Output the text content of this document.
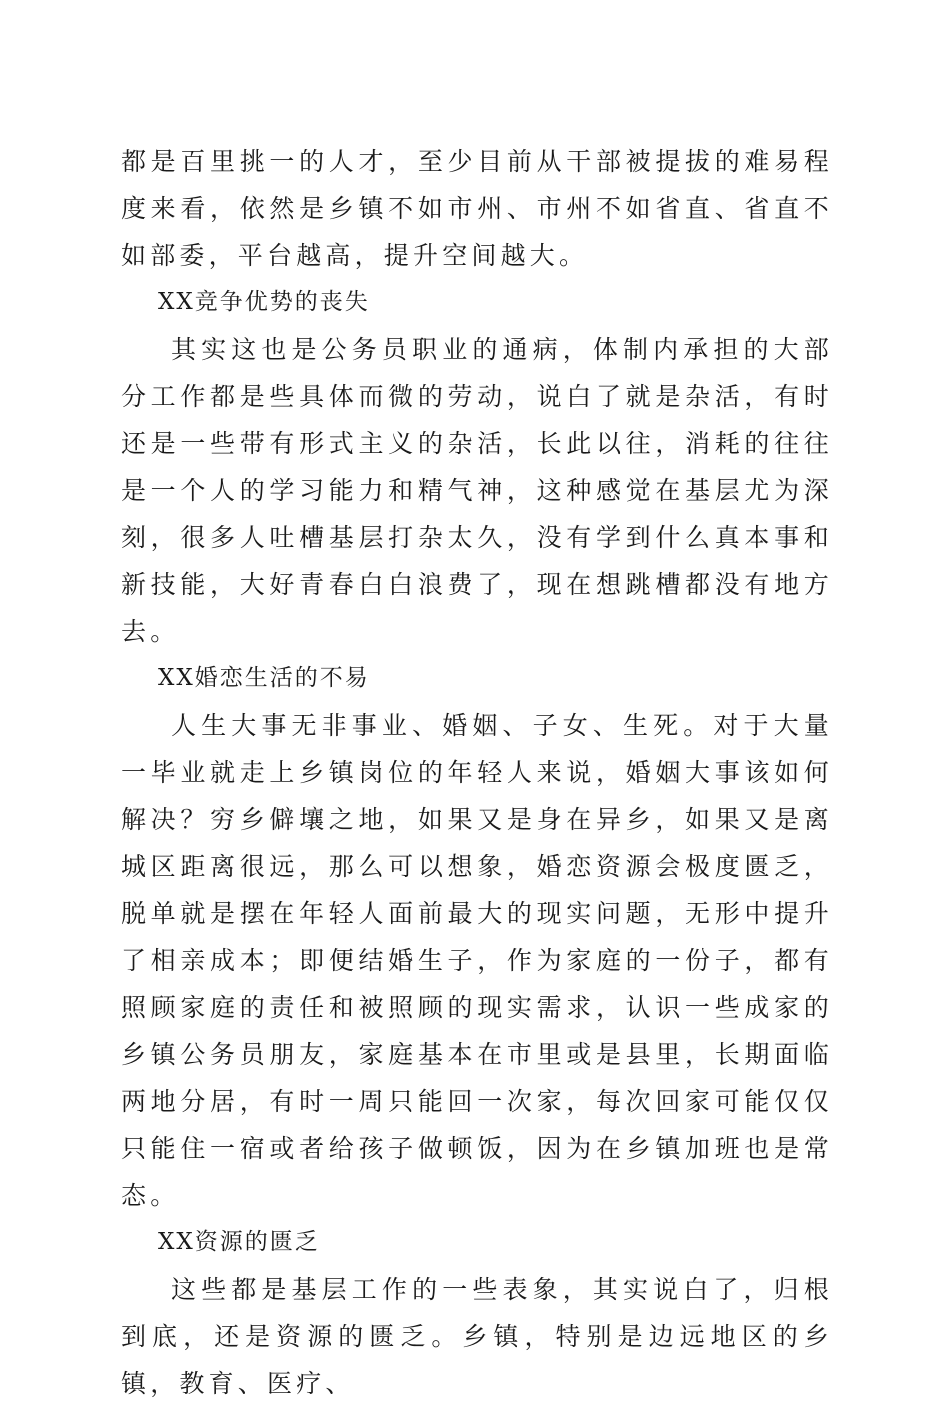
都是百里挑一的人才，至少目前从干部被提拔的难易程度来看，依然是乡镇不如市州、市州不如省直、省直不如部委，平台越高，提升空间越大。

XX竞争优势的丧失

其实这也是公务员职业的通病，体制内承担的大部分工作都是些具体而微的劳动，说白了就是杂活，有时还是一些带有形式主义的杂活，长此以往，消耗的往往是一个人的学习能力和精气神，这种感觉在基层尤为深刻，很多人吐槽基层打杂太久，没有学到什么真本事和新技能，大好青春白白浪费了，现在想跳槽都没有地方去。

XX婚恋生活的不易

人生大事无非事业、婚姻、子女、生死。对于大量一毕业就走上乡镇岗位的年轻人来说，婚姻大事该如何解决？穷乡僻壤之地，如果又是身在异乡，如果又是离城区距离很远，那么可以想象，婚恋资源会极度匮乏，脱单就是摆在年轻人面前最大的现实问题，无形中提升了相亲成本；即便结婚生子，作为家庭的一份子，都有照顾家庭的责任和被照顾的现实需求，认识一些成家的乡镇公务员朋友，家庭基本在市里或是县里，长期面临两地分居，有时一周只能回一次家，每次回家可能仅仅只能住一宿或者给孩子做顿饭，因为在乡镇加班也是常态。

XX资源的匮乏

这些都是基层工作的一些表象，其实说白了，归根到底，还是资源的匮乏。乡镇，特别是边远地区的乡镇，教育、医疗、
